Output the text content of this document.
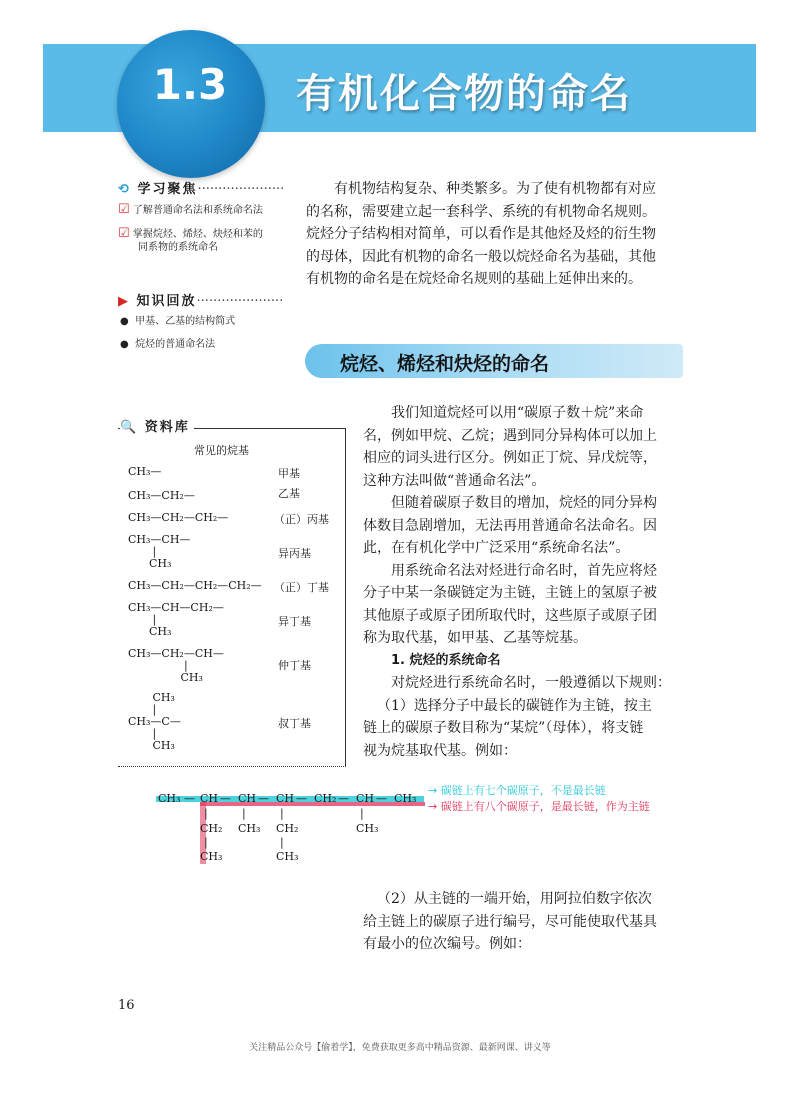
1.3	有机化合物的命名
⟲ 学习聚焦·····················
☑ 了解普通命名法和系统命名法
☑ 掌握烷烃、烯烃、炔烃和苯的
同系物的系统命名
▶ 知识回放·····················
● 甲基、乙基的结构简式
● 烷烃的普通命名法
有机物结构复杂、种类繁多。为了使有机物都有对应
的名称，需要建立起一套科学、系统的有机物命名规则。
烷烃分子结构相对简单，可以看作是其他烃及烃的衍生物
的母体，因此有机物的命名一般以烷烃命名为基础，其他
有机物的命名是在烷烃命名规则的基础上延伸出来的。
烷烃、烯烃和炔烃的命名
🔍 资料库
常见的烷基
CH₃—	甲基
CH₃—CH₂—	乙基
CH₃—CH₂—CH₂—	（正）丙基
CH₃—CH—
|
CH₃
异丙基
CH₃—CH₂—CH₂—CH₂— （正）丁基
CH₃—CH—CH₂—
|
CH₃
异丁基
CH₃—CH₂—CH—
|
CH₃
仲丁基
CH₃
|
CH₃—C—
|
CH₃
叔丁基
我们知道烷烃可以用“碳原子数＋烷”来命
名，例如甲烷、乙烷；遇到同分异构体可以加上
相应的词头进行区分。例如正丁烷、异戊烷等，
这种方法叫做“普通命名法”。
但随着碳原子数目的增加，烷烃的同分异构
体数目急剧增加，无法再用普通命名法命名。因
此，在有机化学中广泛采用“系统命名法”。
用系统命名法对烃进行命名时，首先应将烃
分子中某一条碳链定为主链，主链上的氢原子被
其他原子或原子团所取代时，这些原子或原子团
称为取代基，如甲基、乙基等烷基。
1. 烷烃的系统命名
对烷烃进行系统命名时，一般遵循以下规则：
（1）选择分子中最长的碳链作为主链，按主
链上的碳原子数目称为“某烷”（母体），将支链
视为烷基取代基。例如：
CH₃ — CH — CH — CH — CH₂ — CH — CH₃
|	|	|	|
CH₂ CH₃ CH₂	CH₃
|	|
CH₃	CH₃
→ 碳链上有七个碳原子，不是最长链
→ 碳链上有八个碳原子，是最长链，作为主链
（2）从主链的一端开始，用阿拉伯数字依次
给主链上的碳原子进行编号，尽可能使取代基具
有最小的位次编号。例如：
16
关注精品公众号【偷着学】，免费获取更多高中精品资源、最新网课、讲义等
